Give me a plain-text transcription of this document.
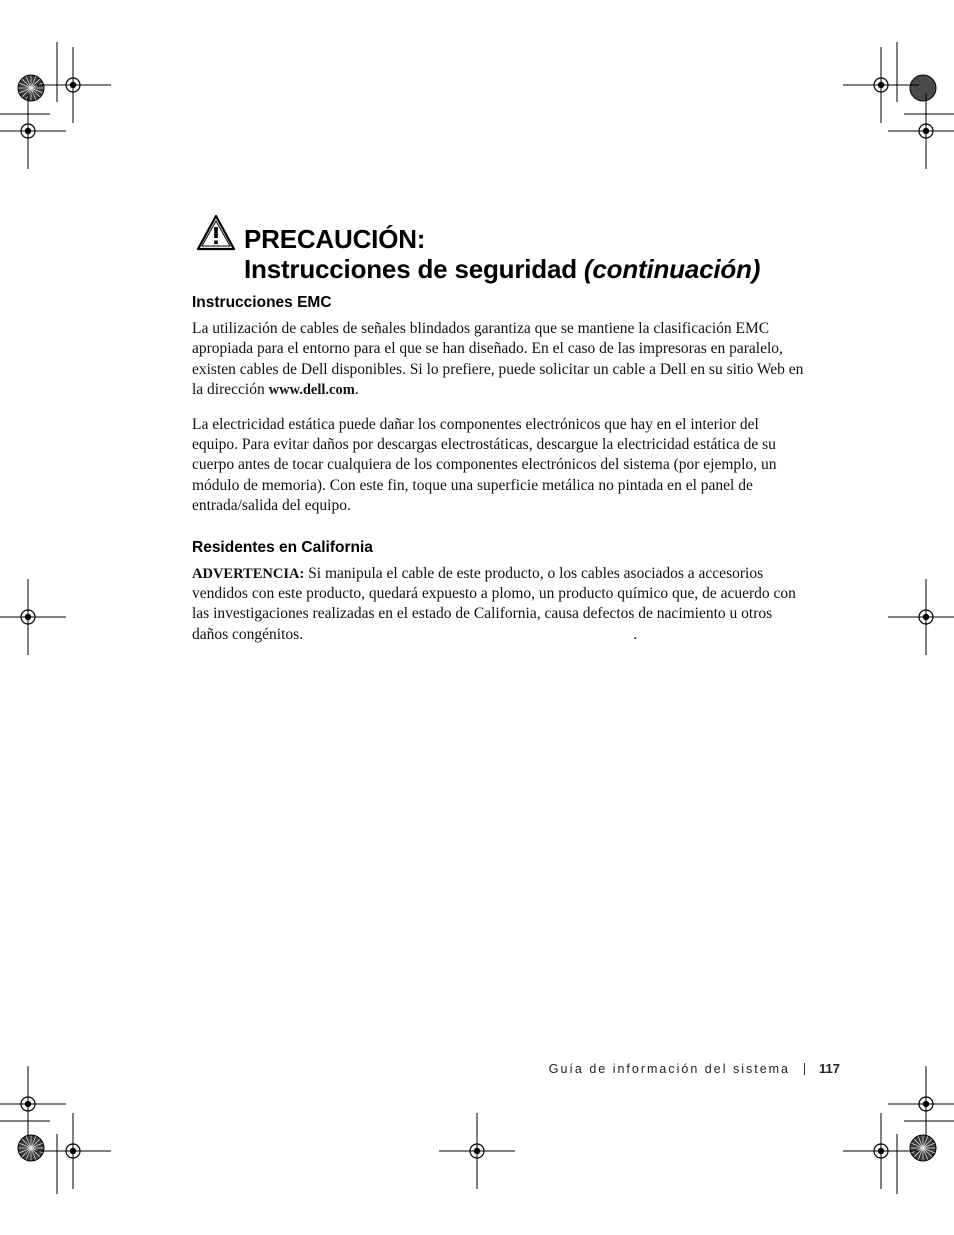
PRECAUCIÓN:
Instrucciones de seguridad (continuación)
Instrucciones EMC

La utilización de cables de señales blindados garantiza que se mantiene la clasificación EMC apropiada para el entorno para el que se han diseñado. En el caso de las impresoras en paralelo, existen cables de Dell disponibles. Si lo prefiere, puede solicitar un cable a Dell en su sitio Web en la dirección www.dell.com.

La electricidad estática puede dañar los componentes electrónicos que hay en el interior del equipo. Para evitar daños por descargas electrostáticas, descargue la electricidad estática de su cuerpo antes de tocar cualquiera de los componentes electrónicos del sistema (por ejemplo, un módulo de memoria). Con este fin, toque una superficie metálica no pintada en el panel de entrada/salida del equipo.

Residentes en California

ADVERTENCIA: Si manipula el cable de este producto, o los cables asociados a accesorios vendidos con este producto, quedará expuesto a plomo, un producto químico que, de acuerdo con las investigaciones realizadas en el estado de California, causa defectos de nacimiento u otros daños congénitos.	.

Guía de información del sistema 117
